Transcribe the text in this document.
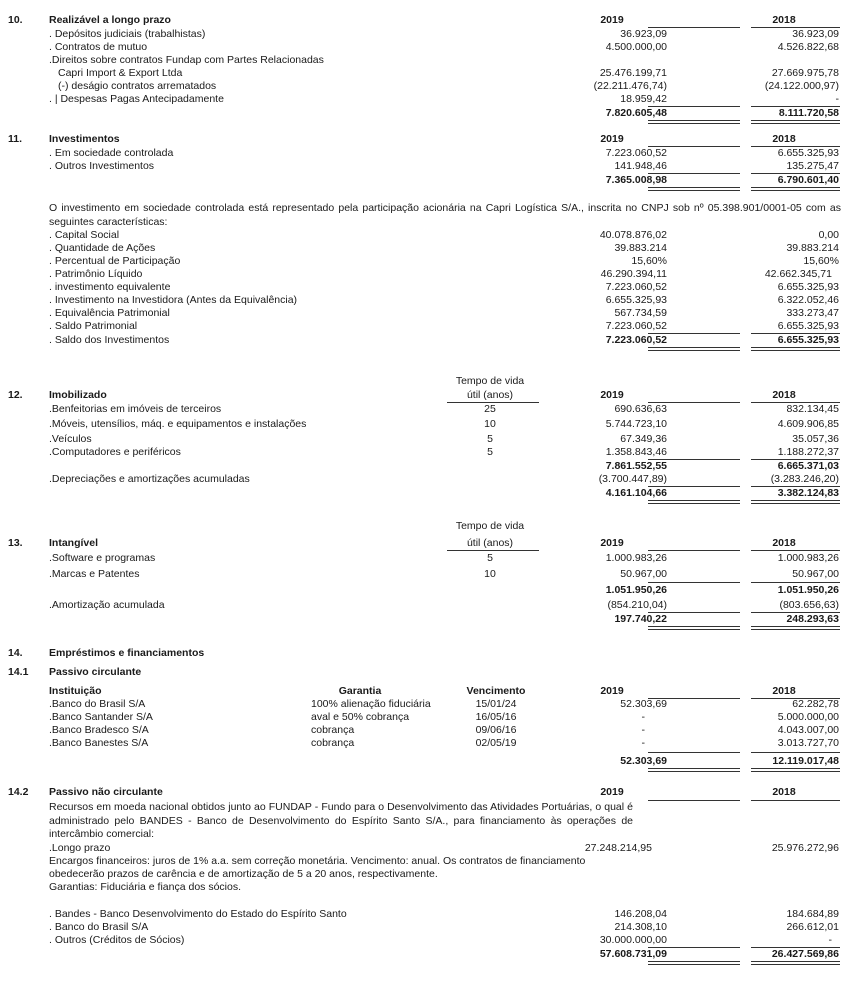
10.	Realizável a longo prazo	2019	2018
. Depósitos judiciais (trabalhistas)	36.923,09	36.923,09
. Contratos de mutuo	4.500.000,00	4.526.822,68
.Direitos sobre contratos Fundap com Partes Relacionadas
Capri Import & Export Ltda	25.476.199,71	27.669.975,78
(-) deságio contratos arrematados	(22.211.476,74)	(24.122.000,97)
. | Despesas Pagas Antecipadamente	18.959,42	-
7.820.605,48	8.111.720,58
11.	Investimentos	2019	2018
. Em sociedade controlada	7.223.060,52	6.655.325,93
. Outros Investimentos	141.948,46	135.275,47
7.365.008,98	6.790.601,40
O investimento em sociedade controlada está representado pela participação acionária na Capri Logística S/A., inscrita no CNPJ sob nº 05.398.901/0001-05 com as seguintes características:
. Capital Social	40.078.876,02	0,00
. Quantidade de Ações	39.883.214	39.883.214
. Percentual de Participação	15,60%	15,60%
. Patrimônio Líquido	46.290.394,11	42.662.345,71
. investimento equivalente	7.223.060,52	6.655.325,93
. Investimento na Investidora (Antes da Equivalência)	6.655.325,93	6.322.052,46
. Equivalência Patrimonial	567.734,59	333.273,47
. Saldo Patrimonial	7.223.060,52	6.655.325,93
. Saldo dos Investimentos	7.223.060,52	6.655.325,93
Tempo de vida
12.	Imobilizado	útil (anos)	2019	2018
.Benfeitorias em imóveis de terceiros	25	690.636,63	832.134,45
.Móveis, utensílios, máq. e equipamentos e instalações	10	5.744.723,10	4.609.906,85
.Veículos	5	67.349,36	35.057,36
.Computadores e periféricos	5	1.358.843,46	1.188.272,37
7.861.552,55	6.665.371,03
.Depreciações e amortizações acumuladas	(3.700.447,89)	(3.283.246,20)
4.161.104,66	3.382.124,83
Tempo de vida
13.	Intangível	útil (anos)	2019	2018
.Software e programas	5	1.000.983,26	1.000.983,26
.Marcas e Patentes	10	50.967,00	50.967,00
1.051.950,26	1.051.950,26
.Amortização acumulada	(854.210,04)	(803.656,63)
197.740,22	248.293,63
14.	Empréstimos e financiamentos
14.1 Passivo circulante
Instituição	Garantia	Vencimento	2019	2018
.Banco do Brasil S/A	100% alienação fiduciária	15/01/24	52.303,69	62.282,78
.Banco Santander S/A	aval e 50% cobrança	16/05/16	-	5.000.000,00
.Banco Bradesco S/A	cobrança	09/06/16	-	4.043.007,00
.Banco Banestes S/A	cobrança	02/05/19	-	3.013.727,70
52.303,69	12.119.017,48
14.2 Passivo não circulante	2019	2018
Recursos em moeda nacional obtidos junto ao FUNDAP - Fundo para o Desenvolvimento das Atividades Portuárias, o qual é administrado pelo BANDES - Banco de Desenvolvimento do Espírito Santo S/A., para financiamento às operações de intercâmbio comercial:
.Longo prazo	27.248.214,95	25.976.272,96
Encargos financeiros: juros de 1% a.a. sem correção monetária. Vencimento: anual. Os contratos de financiamento
obedecerão prazos de carência e de amortização de 5 a 20 anos, respectivamente.
Garantias: Fiduciária e fiança dos sócios.
. Bandes - Banco Desenvolvimento do Estado do Espírito Santo	146.208,04	184.684,89
. Banco do Brasil S/A	214.308,10	266.612,01
. Outros (Créditos de Sócios)	30.000.000,00	-
57.608.731,09	26.427.569,86
